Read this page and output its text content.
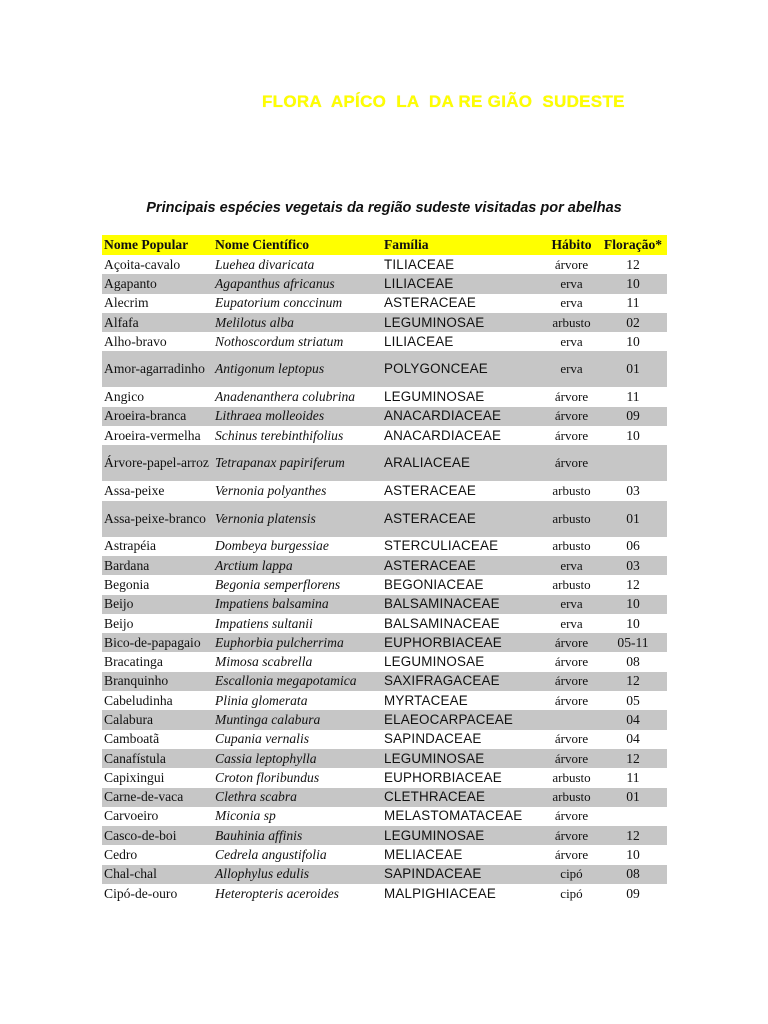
FLORA  APÍCO  LA  DA RE GIÃO  SUDESTE
Principais espécies vegetais da região sudeste visitadas por abelhas
Nome Popular	Nome Científico	Família	Hábito	Floração*
Açoita-cavalo	Luehea divaricata	TILIACEAE	árvore	12
Agapanto	Agapanthus africanus	LILIACEAE	erva	10
Alecrim	Eupatorium conccinum	ASTERACEAE	erva	11
Alfafa	Melilotus alba	LEGUMINOSAE	arbusto	02
Alho-bravo	Nothoscordum striatum	LILIACEAE	erva	10
Amor-agarradinho	Antigonum leptopus	POLYGONCEAE	erva	01
Angico	Anadenanthera colubrina	LEGUMINOSAE	árvore	11
Aroeira-branca	Lithraea molleoides	ANACARDIACEAE	árvore	09
Aroeira-vermelha	Schinus terebinthifolius	ANACARDIACEAE	árvore	10
Árvore-papel-arroz	Tetrapanax papiriferum	ARALIACEAE	árvore	
Assa-peixe	Vernonia polyanthes	ASTERACEAE	arbusto	03
Assa-peixe-branco	Vernonia platensis	ASTERACEAE	arbusto	01
Astrapéia	Dombeya burgessiae	STERCULIACEAE	arbusto	06
Bardana	Arctium lappa	ASTERACEAE	erva	03
Begonia	Begonia semperflorens	BEGONIACEAE	arbusto	12
Beijo	Impatiens balsamina	BALSAMINACEAE	erva	10
Beijo	Impatiens sultanii	BALSAMINACEAE	erva	10
Bico-de-papagaio	Euphorbia pulcherrima	EUPHORBIACEAE	árvore	05-11
Bracatinga	Mimosa scabrella	LEGUMINOSAE	árvore	08
Branquinho	Escallonia megapotamica	SAXIFRAGACEAE	árvore	12
Cabeludinha	Plinia glomerata	MYRTACEAE	árvore	05
Calabura	Muntinga calabura	ELAEOCARPACEAE		04
Camboatã	Cupania vernalis	SAPINDACEAE	árvore	04
Canafístula	Cassia leptophylla	LEGUMINOSAE	árvore	12
Capixingui	Croton floribundus	EUPHORBIACEAE	arbusto	11
Carne-de-vaca	Clethra scabra	CLETHRACEAE	arbusto	01
Carvoeiro	Miconia sp	MELASTOMATACEAE	árvore	
Casco-de-boi	Bauhinia affinis	LEGUMINOSAE	árvore	12
Cedro	Cedrela angustifolia	MELIACEAE	árvore	10
Chal-chal	Allophylus edulis	SAPINDACEAE	cipó	08
Cipó-de-ouro	Heteropteris aceroides	MALPIGHIACEAE	cipó	09
